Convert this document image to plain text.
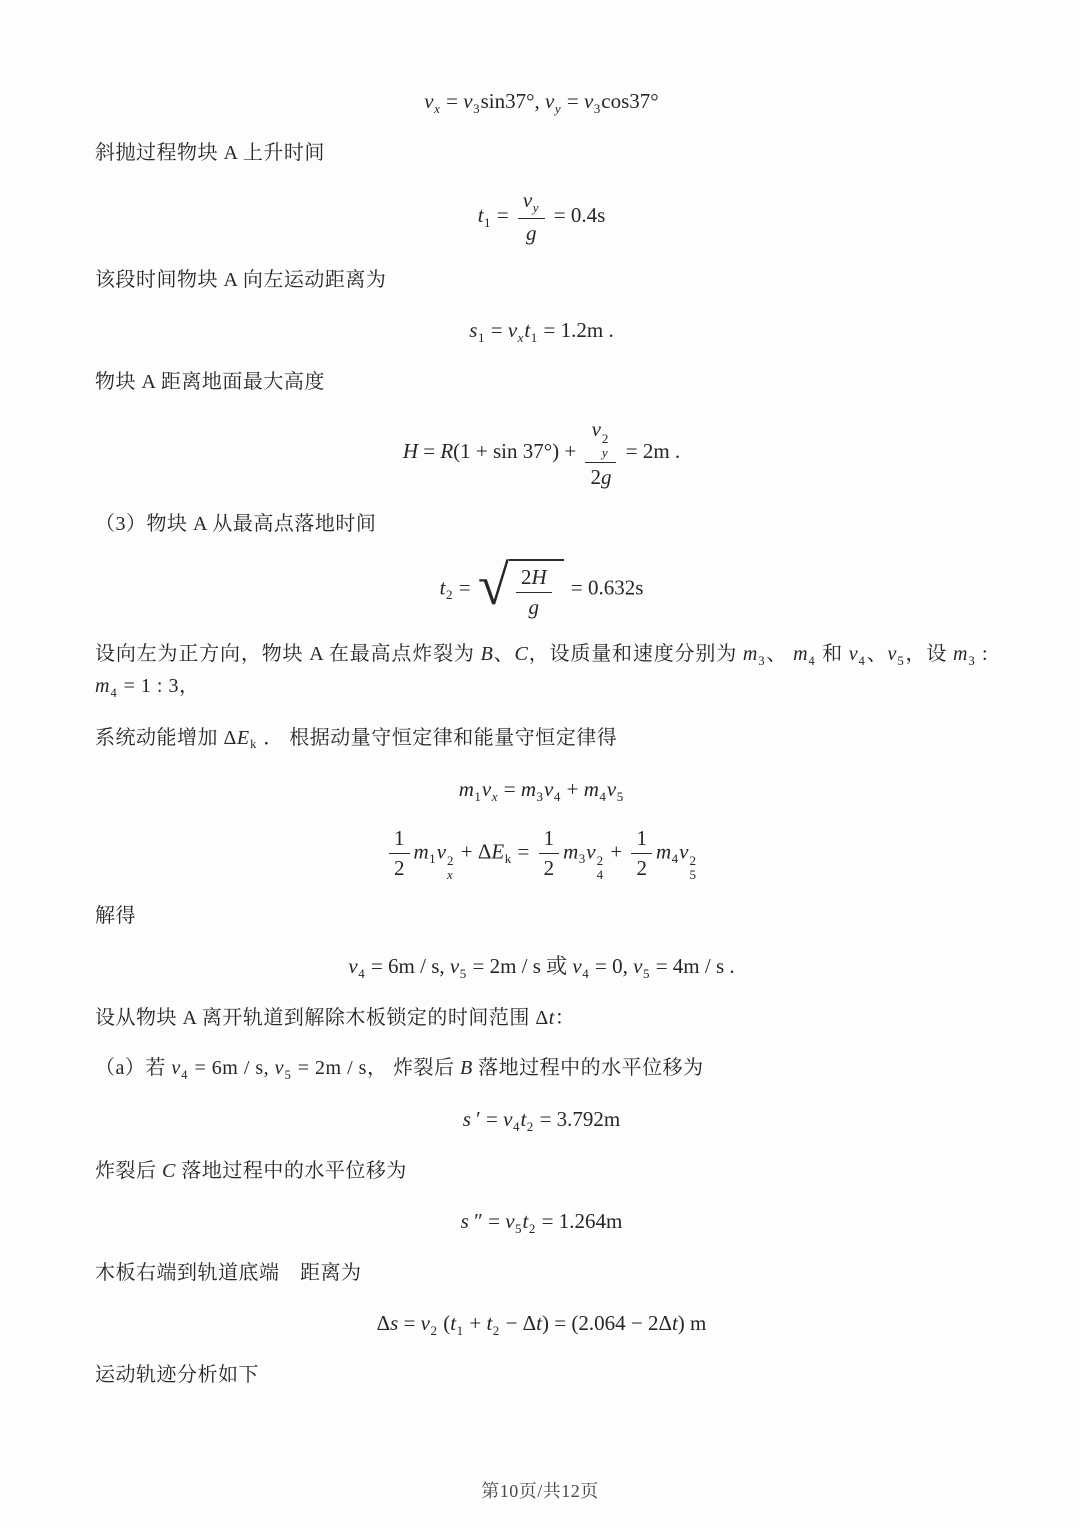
$v_x = v_3\sin 37^\circ$, $v_y = v_3\cos 37^\circ$
斜抛过程物块 A 上升时间
$t_1 = \frac{v_y}{g} = 0.4s$
该段时间物块 A 向左运动距离为
$s_1 = v_xt_1 = 1.2m$ .
物块 A 距离地面最大高度
H = R(1 + sin 37°) + v 2
y
2g = 2m .
（3）物块 A 从最高点落地时间
$t_2$ = √ $\frac{2H}{g} = 0.632s$
设向左为正方向，物块 A 在最高点炸裂为 B、C，设质量和速度分别为 $m_3$、 $m_4$ 和 $v_4$、$v_5$，设 $m_3$ : $m_4 = 1$ : 3，
系统动能增加 $\Delta E_k$ ． 根据动量守恒定律和能量守恒定律得
$m_1v_x = m_3v_4 + m_4v_5$
$\frac{1}{2} m_1v$ 2
x
+ $\Delta E_k = \frac{1}{2} m_3v$ 2
4
+ $\frac{1}{2} m_4v$ 2
5
解得
$v_4 = 6m / s$, $v_5 = 2m / s$ 或 $v_4 = 0$, $v_5 = 4m / s$ .
设从物块 A 离开轨道到解除木板锁定的时间范围 Δt：
（a）若 $v_4 = 6m / s$, $v_5 = 2m / s$， 炸裂后 B 落地过程中的水平位移为
s ′ = $v_4t_2 = 3.792m$
炸裂后 C 落地过程中的水平位移为
s ″ = $v_5t_2 = 1.264m$
木板右端到轨道底端　距离为
$\Delta s = v_2$ $(t_1 + t_2 - \Delta t) = (2.064 - 2\Delta t)$ m
运动轨迹分析如下
第10页/共12页
